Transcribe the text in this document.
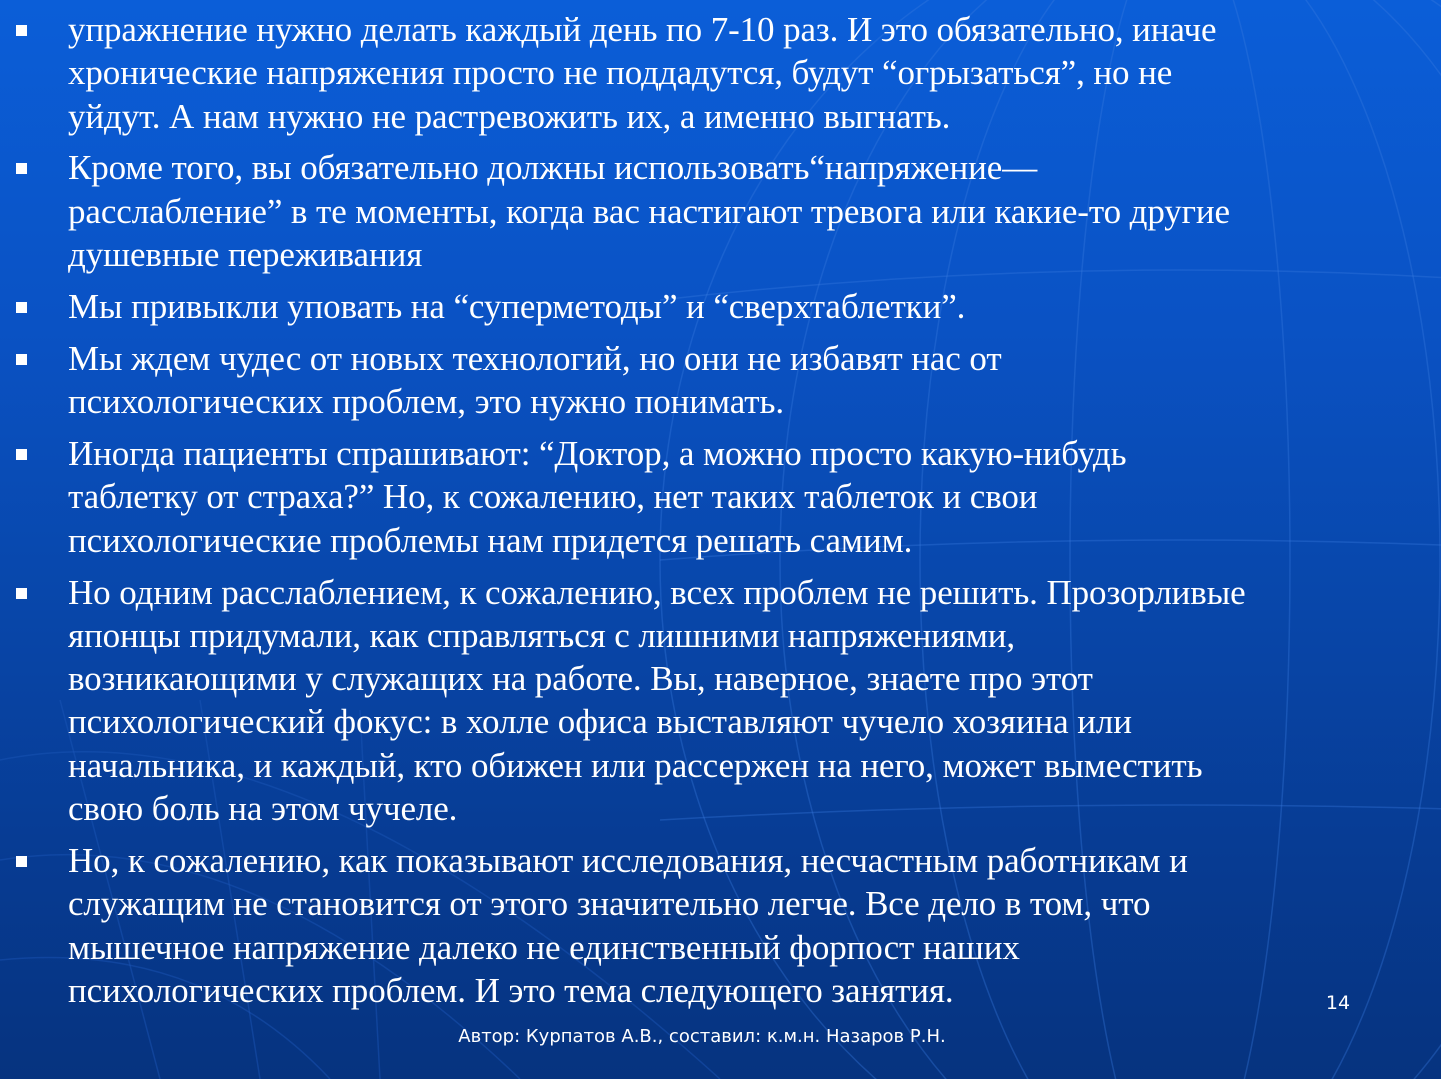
упражнение нужно делать каждый день по 7-10 раз. И это обязательно, иначе
хронические напряжения просто не поддадутся, будут “огрызаться”, но не
уйдут. А нам нужно не растревожить их, а именно выгнать.
Кроме того, вы обязательно должны использовать“напряжение—
расслабление” в те моменты, когда вас настигают тревога или какие-то другие
душевные переживания
Мы привыкли уповать на “суперметоды” и “сверхтаблетки”.
Мы ждем чудес от новых технологий, но они не избавят нас от
психологических проблем, это нужно понимать.
Иногда пациенты спрашивают: “Доктор, а можно просто какую-нибудь
таблетку от страха?” Но, к сожалению, нет таких таблеток и свои
психологические проблемы нам придется решать самим.
Но одним расслаблением, к сожалению, всех проблем не решить. Прозорливые
японцы придумали, как справляться с лишними напряжениями,
возникающими у служащих на работе. Вы, наверное, знаете про этот
психологический фокус: в холле офиса выставляют чучело хозяина или
начальника, и каждый, кто обижен или рассержен на него, может выместить
свою боль на этом чучеле.
Но, к сожалению, как показывают исследования, несчастным работникам и
служащим не становится от этого значительно легче. Все дело в том, что
мышечное напряжение далеко не единственный форпост наших
психологических проблем. И это тема следующего занятия.	14
Автор: Курпатов А.В., составил: к.м.н. Назаров Р.Н.
